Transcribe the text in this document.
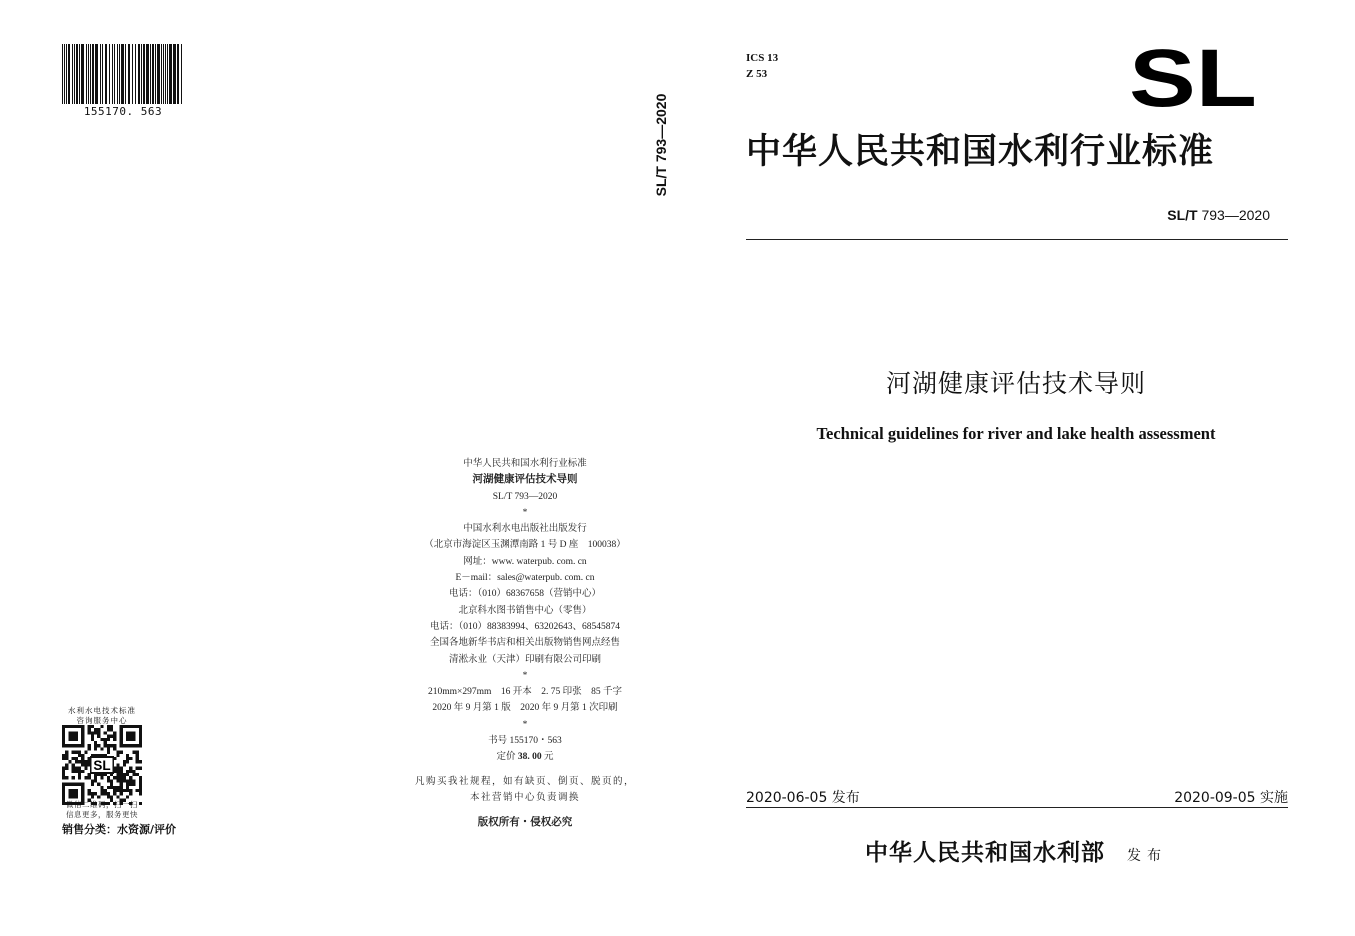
155170. 563	SL/T 793—2020
中华人民共和国水利行业标准
河湖健康评估技术导则
SL/T 793—2020
*
中国水利水电出版社出版发行
（北京市海淀区玉渊潭南路 1 号 D 座　100038）
网址：www. waterpub. com. cn
E－mail：sales@waterpub. com. cn
电话：（010）68367658（营销中心）
北京科水图书销售中心（零售）
电话：（010）88383994、63202643、68545874
全国各地新华书店和相关出版物销售网点经售
清淞永业（天津）印刷有限公司印刷
*
210mm×297mm　16 开本　2. 75 印张　85 千字
2020 年 9 月第 1 版　2020 年 9 月第 1 次印刷
*
书号 155170・563
定价 38. 00 元
凡购买我社规程，如有缺页、倒页、脱页的，
本社营销中心负责调换
版权所有・侵权必究
水利水电技术标准
咨询服务中心
SL
微信二维码，扫一扫
信息更多，服务更快
销售分类：水资源/评价
ICS 13
Z 53	SL
中华人民共和国水利行业标准
SL/T 793—2020
河湖健康评估技术导则
Technical guidelines for river and lake health assessment
2020-06-05 发布	2020-09-05 实施
中华人民共和国水利部 发布
